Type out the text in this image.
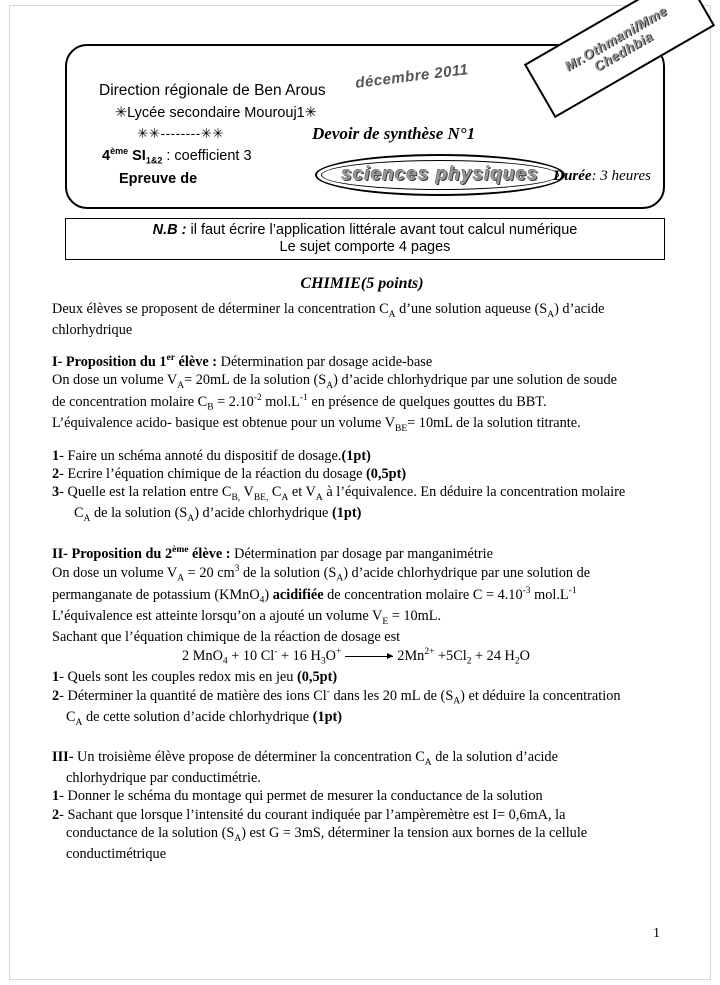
Direction régionale de Ben Arous
✳Lycée secondaire Mourouj1✳
✳✳--------✳✳
4ème $SI_{1\&2}$ : coefficient 3
Epreuve de
Devoir de synthèse N°1
sciences physiques Durée: 3 heures
décembre 2011
Mr.Othmani/Mme Chedhbia
N.B : il faut écrire l’application littérale avant tout calcul numérique
Le sujet comporte 4 pages
CHIMIE(5 points)

Deux élèves se proposent de déterminer la concentration $C_A$ d’une solution aqueuse $(S_A)$ d’acide

chlorhydrique

I- Proposition du 1er élève : Détermination par dosage acide-base

On dose un volume $V_A= 20mL$ de la solution $(S_A)$ d’acide chlorhydrique par une solution de soude

de concentration molaire $C_B = 2.10^{-2}$ $mol.L^{-1}$ en présence de quelques gouttes du BBT.

L’équivalence acido- basique est obtenue pour un volume $V_{BE}= 10mL$ de la solution titrante.

1- Faire un schéma annoté du dispositif de dosage.(1pt)

2- Ecrire l’équation chimique de la réaction du dosage (0,5pt)

3- Quelle est la relation entre $C_{B,}$ $V_{BE,}$ $C_A$ et $V_A$ à l’équivalence. En déduire la concentration molaire

$C_A$ de la solution $(S_A)$ d’acide chlorhydrique (1pt)

II- Proposition du 2ème élève : Détermination par dosage par manganimétrie

On dose un volume $V_A = 20$ $cm^3$ de la solution $(S_A)$ d’acide chlorhydrique par une solution de

permanganate de potassium (KMnO$_4$) acidifiée de concentration molaire $C = 4.10^{-3}$ $mol.L^{-1}$

L’équivalence est atteinte lorsqu’on a ajouté un volume $V_E = 10mL$.

Sachant que l’équation chimique de la réaction de dosage est

2 MnO$_4$ + 10 Cl- + 16 $H_3O^+$	$2Mn^{2+} +5Cl_2 + 24$ $H_2O$

1- Quels sont les couples redox mis en jeu (0,5pt)

2- Déterminer la quantité de matière des ions Cl- dans les 20 mL de $(S_A)$ et déduire la concentration

$C_A$ de cette solution d’acide chlorhydrique (1pt)

III- Un troisième élève propose de déterminer la concentration $C_A$ de la solution d’acide

chlorhydrique par conductimétrie.

1- Donner le schéma du montage qui permet de mesurer la conductance de la solution

2- Sachant que lorsque l’intensité du courant indiquée par l’ampèremètre est I= 0,6mA, la

conductance de la solution $(S_A)$ est G = 3mS, déterminer la tension aux bornes de la cellule

conductimétrique

1
